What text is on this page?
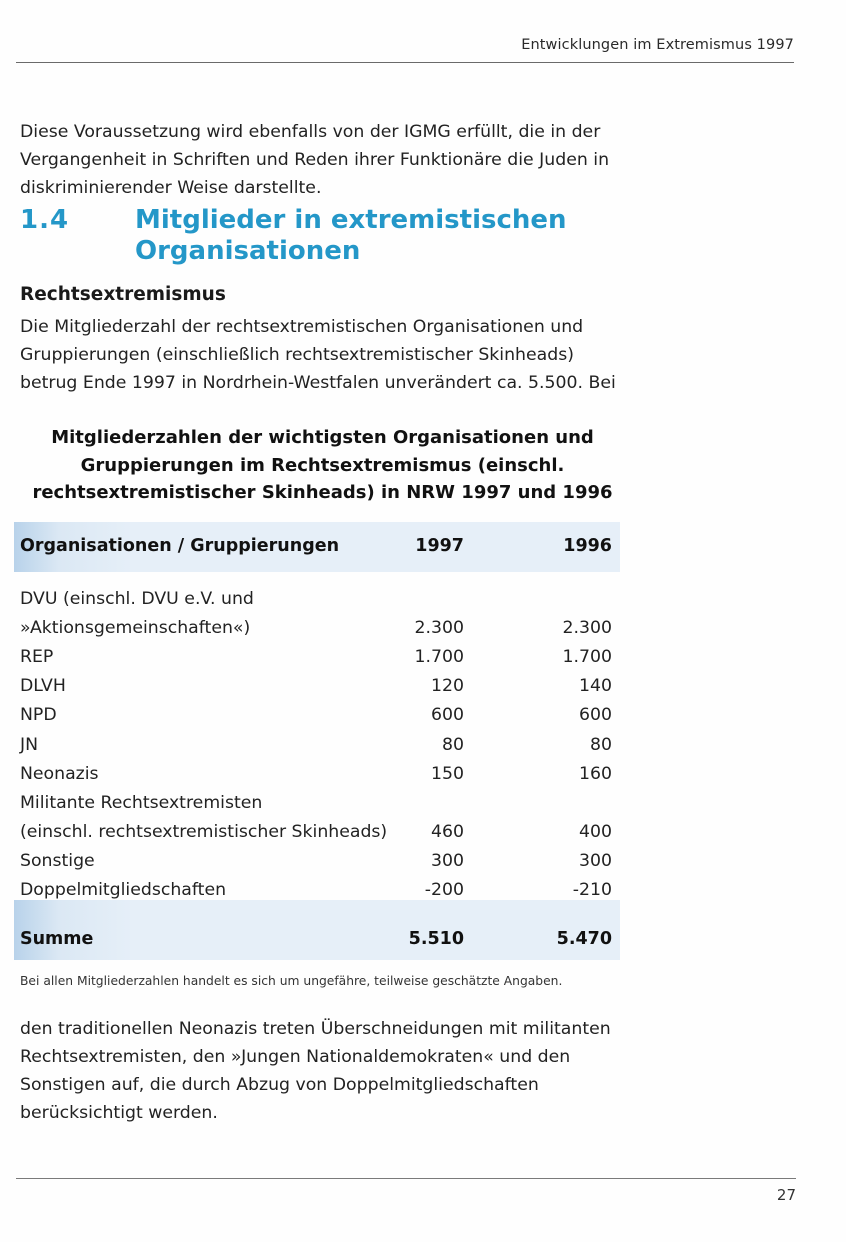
Entwicklungen im Extremismus 1997
Diese Voraussetzung wird ebenfalls von der IGMG erfüllt, die in der Vergangenheit in Schriften und Reden ihrer Funktionäre die Juden in diskriminierender Weise darstellte.
1.4	Mitglieder in extremistischen Organisationen
Rechtsextremismus
Die Mitgliederzahl der rechtsextremistischen Organisationen und Gruppierungen (einschließlich rechtsextremistischer Skinheads) betrug Ende 1997 in Nordrhein-Westfalen unverändert ca. 5.500. Bei
Mitgliederzahlen der wichtigsten Organisationen und Gruppierungen im Rechtsextremismus (einschl. rechtsextremistischer Skinheads) in NRW 1997 und 1996
Organisationen / Gruppierungen	1997	1996
DVU (einschl. DVU e.V. und
»Aktionsgemeinschaften«)	2.300	2.300
REP	1.700	1.700
DLVH	120	140
NPD	600	600
JN	80	80
Neonazis	150	160
Militante Rechtsextremisten
(einschl. rechtsextremistischer Skinheads)	460	400
Sonstige	300	300
Doppelmitgliedschaften	-200	-210
Summe	5.510	5.470
Bei allen Mitgliederzahlen handelt es sich um ungefähre, teilweise geschätzte Angaben.
den traditionellen Neonazis treten Überschneidungen mit militanten Rechtsextremisten, den »Jungen Nationaldemokraten« und den Sonstigen auf, die durch Abzug von Doppelmitgliedschaften berücksichtigt werden.
27
